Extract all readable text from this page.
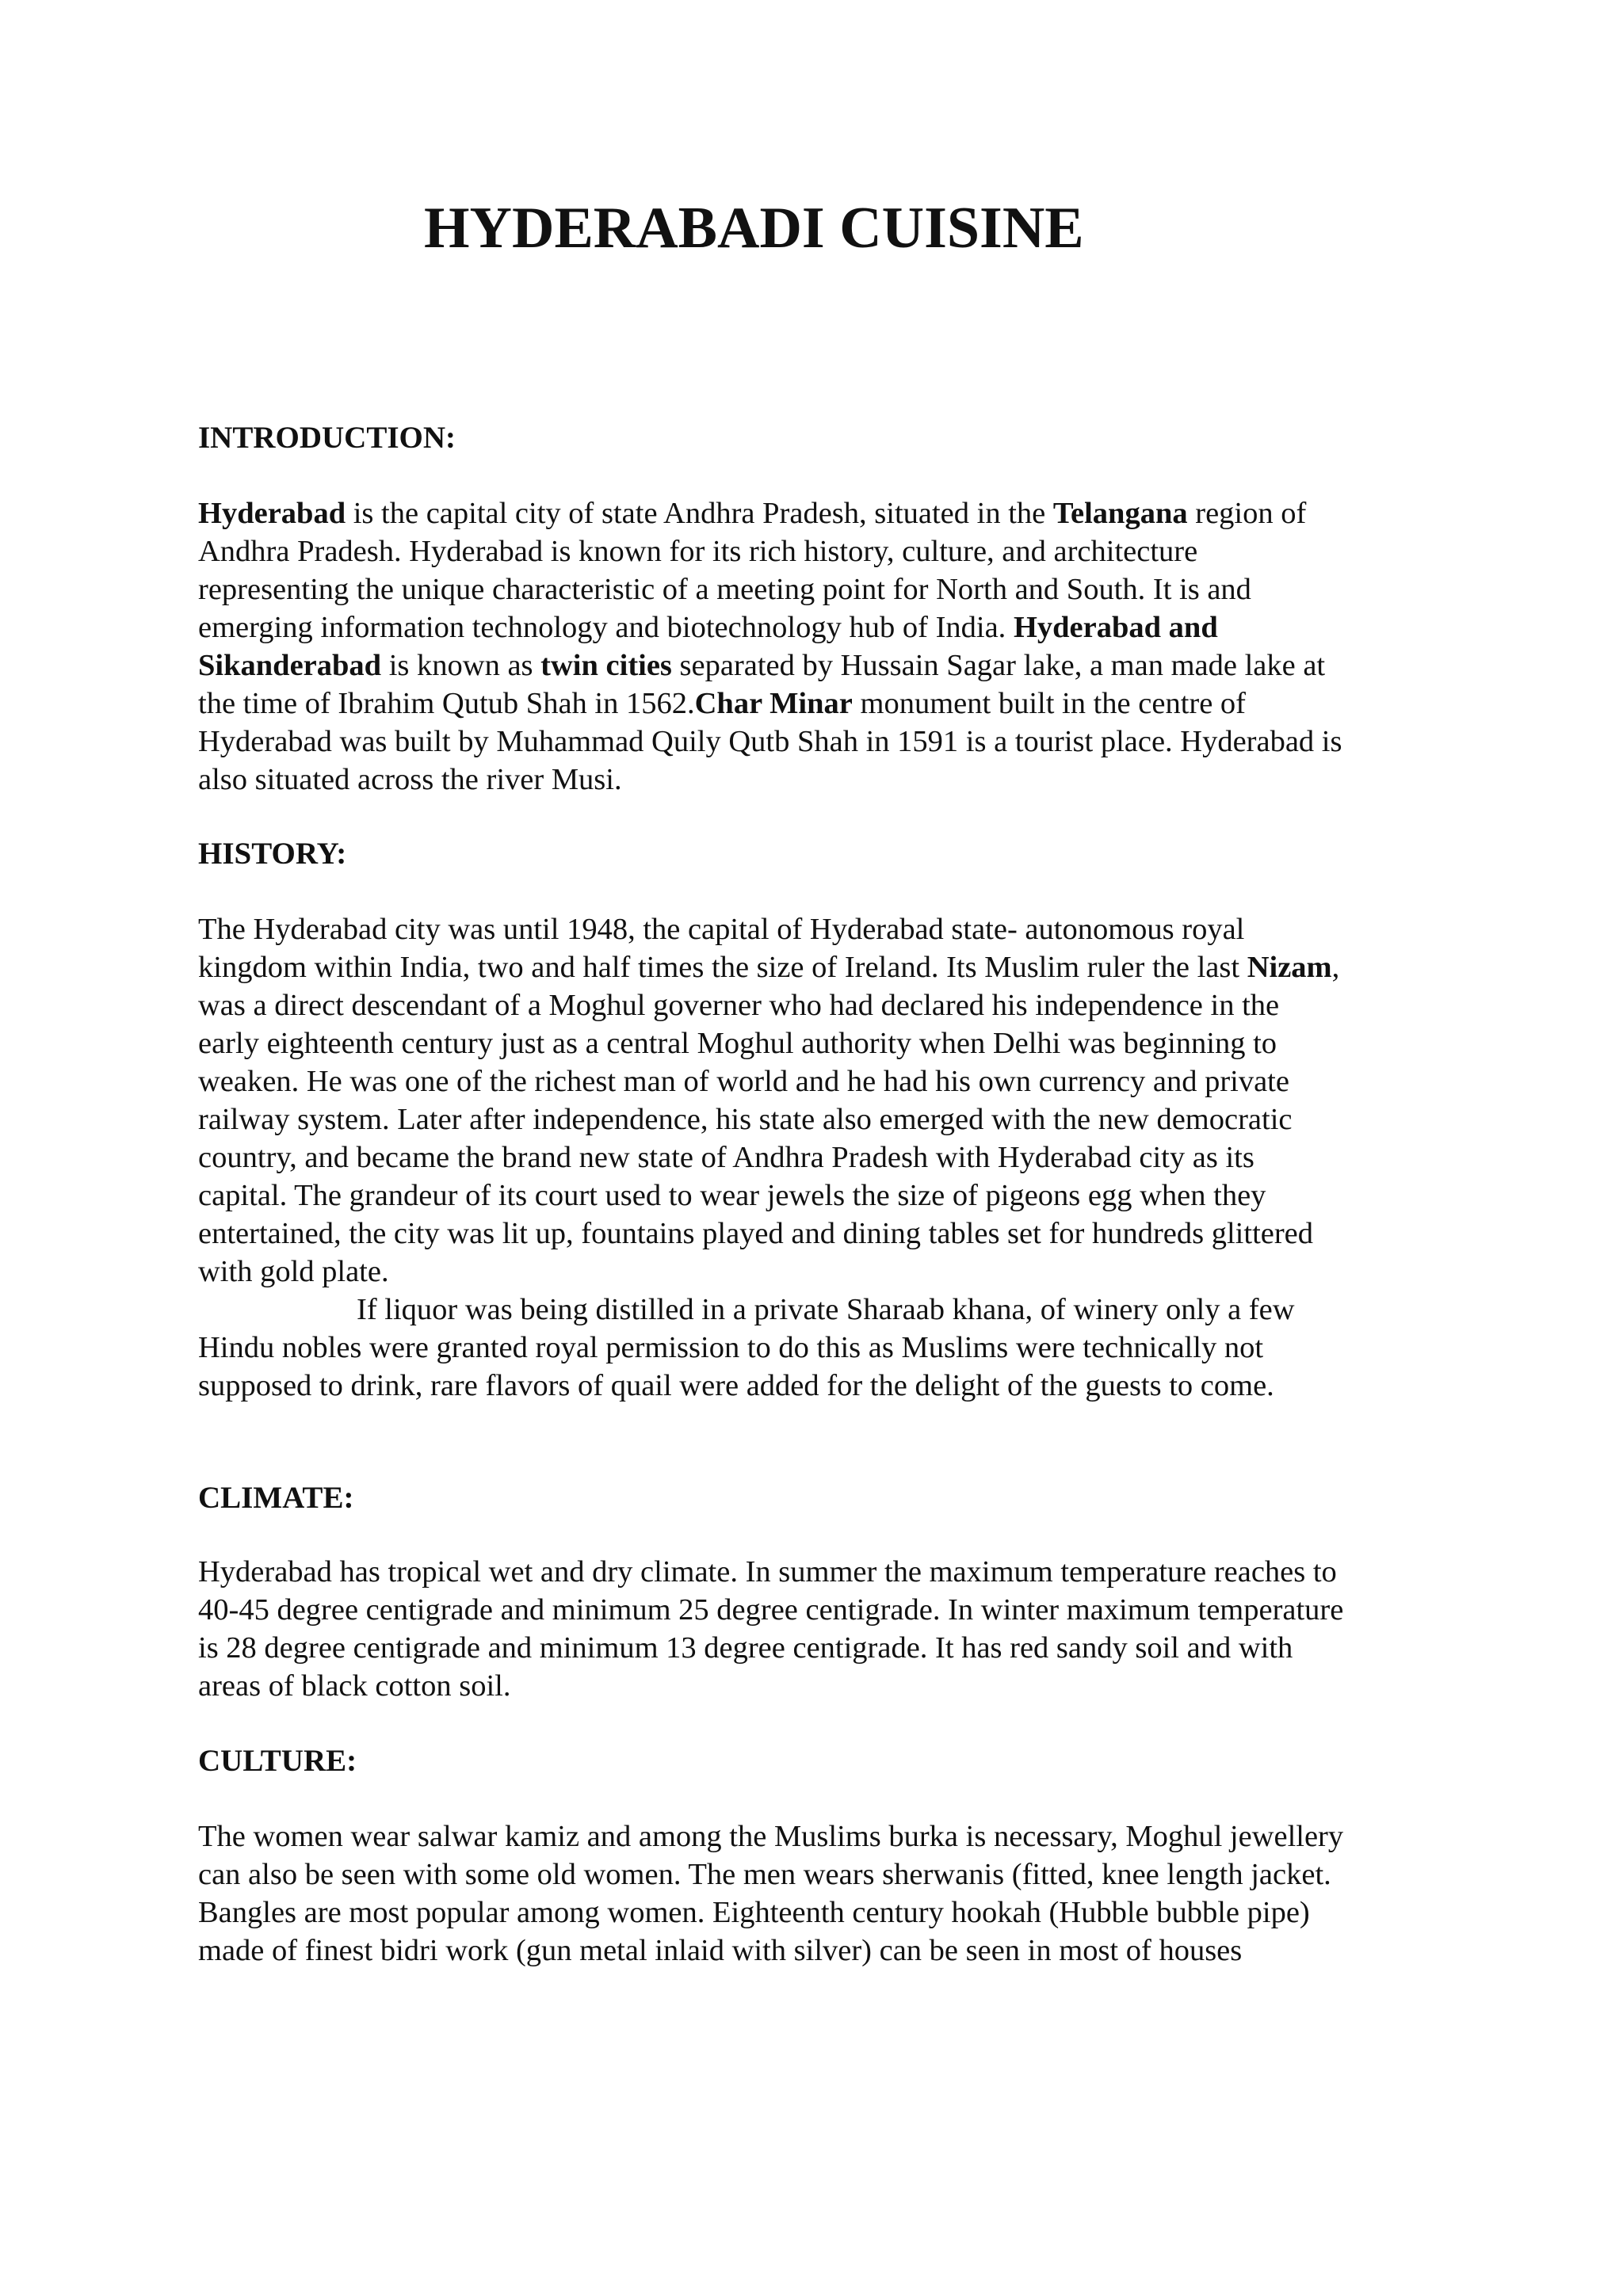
HYDERABADI CUISINE
INTRODUCTION:
Hyderabad is the capital city of state Andhra Pradesh, situated in the Telangana region of
Andhra Pradesh. Hyderabad is known for its rich history, culture, and architecture
representing the unique characteristic of a meeting point for North and South. It is and
emerging information technology and biotechnology hub of India. Hyderabad and
Sikanderabad is known as twin cities separated by Hussain Sagar lake, a man made lake at
the time of Ibrahim Qutub Shah in 1562.Char Minar monument built in the centre of
Hyderabad was built by Muhammad Quily Qutb Shah in 1591 is a tourist place. Hyderabad is
also situated across the river Musi.
HISTORY:
The Hyderabad city was until 1948, the capital of Hyderabad state- autonomous royal
kingdom within India, two and half times the size of Ireland. Its Muslim ruler the last Nizam,
was a direct descendant of a Moghul governer who had declared his independence in the
early eighteenth century just as a central Moghul authority when Delhi was beginning to
weaken. He was one of the richest man of world and he had his own currency and private
railway system. Later after independence, his state also emerged with the new democratic
country, and became the brand new state of Andhra Pradesh with Hyderabad city as its
capital. The grandeur of its court used to wear jewels the size of pigeons egg when they
entertained, the city was lit up, fountains played and dining tables set for hundreds glittered
with gold plate.
If liquor was being distilled in a private Sharaab khana, of winery only a few
Hindu nobles were granted royal permission to do this as Muslims were technically not
supposed to drink, rare flavors of quail were added for the delight of the guests to come.
CLIMATE:
Hyderabad has tropical wet and dry climate. In summer the maximum temperature reaches to
40-45 degree centigrade and minimum 25 degree centigrade. In winter maximum temperature
is 28 degree centigrade and minimum 13 degree centigrade. It has red sandy soil and with
areas of black cotton soil.
CULTURE:
The women wear salwar kamiz and among the Muslims burka is necessary, Moghul jewellery
can also be seen with some old women. The men wears sherwanis (fitted, knee length jacket.
Bangles are most popular among women. Eighteenth century hookah (Hubble bubble pipe)
made of finest bidri work (gun metal inlaid with silver) can be seen in most of houses
